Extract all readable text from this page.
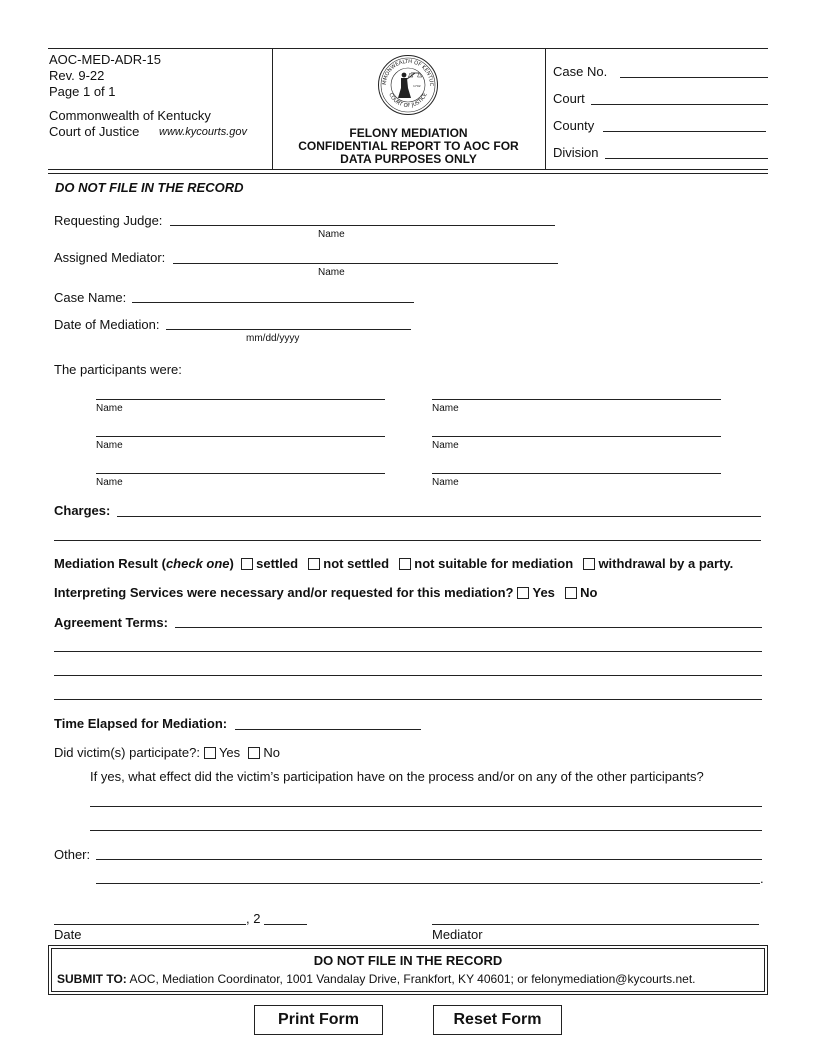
AOC-MED-ADR-15
Rev. 9-22
Page 1 of 1
Commonwealth of Kentucky
Court of Justice www.kycourts.gov
MMONWEALTH OF KENTUC
COURT OF JUSTICE
1792
FELONY MEDIATION
CONFIDENTIAL REPORT TO AOC FOR
DATA PURPOSES ONLY
Case No.
Court
County
Division
DO NOT FILE IN THE RECORD
Requesting Judge:
Name
Assigned Mediator:
Name
Case Name:
Date of Mediation:
mm/dd/yyyy
The participants were:
Name	Name
Name	Name
Name	Name
Charges:
Mediation Result (check one) settled not settled not suitable for mediation withdrawal by a party.
Interpreting Services were necessary and/or requested for this mediation? Yes No
Agreement Terms:
Time Elapsed for Mediation:
Did victim(s) participate?: Yes No
If yes, what effect did the victim’s participation have on the process and/or on any of the other participants?
Other:
.
, 2
Date	Mediator
DO NOT FILE IN THE RECORD
SUBMIT TO: AOC, Mediation Coordinator, 1001 Vandalay Drive, Frankfort, KY 40601; or felonymediation@kycourts.net.
Print Form	Reset Form
